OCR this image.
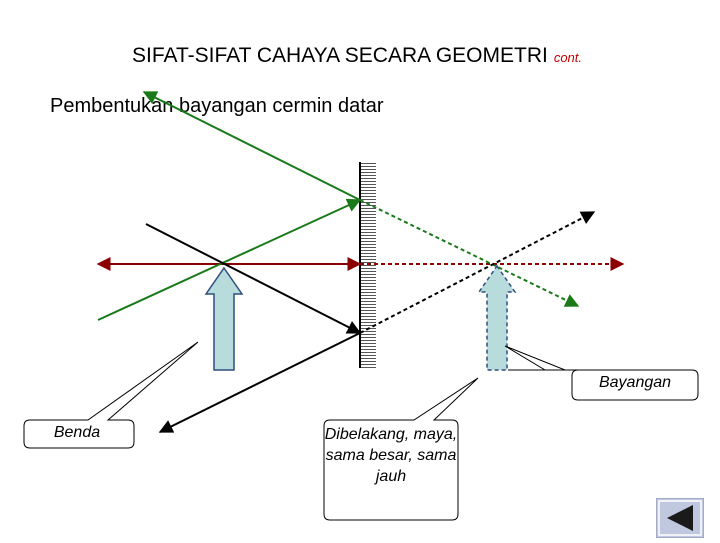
SIFAT-SIFAT CAHAYA SECARA GEOMETRI cont.
Pembentukan bayangan cermin datar
Benda
Bayangan
Dibelakang, maya, sama besar, sama jauh
